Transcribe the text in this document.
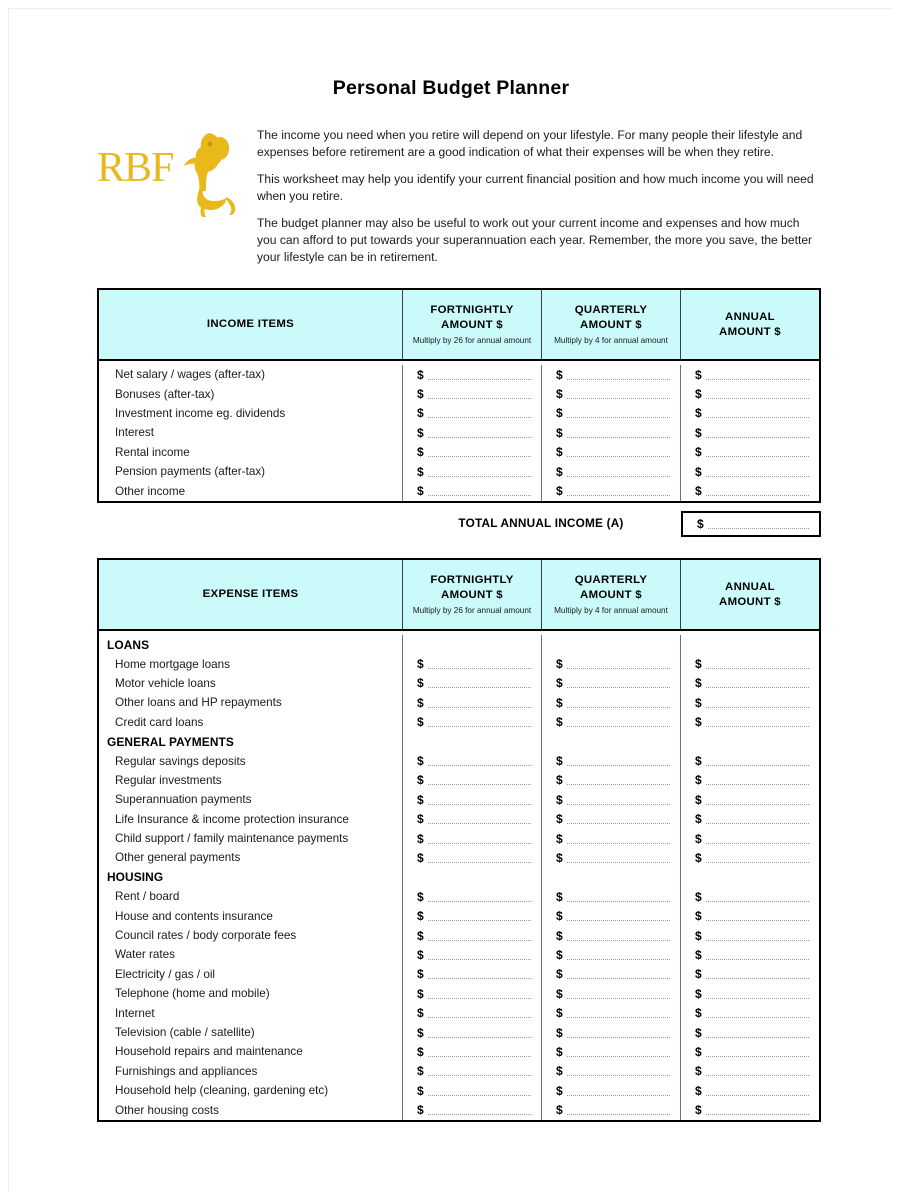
Personal Budget Planner
RBF

The income you need when you retire will depend on your lifestyle. For many people their lifestyle and expenses before retirement are a good indication of what their expenses will be when they retire.

This worksheet may help you identify your current financial position and how much income you will need when you retire.

The budget planner may also be useful to work out your current income and expenses and how much you can afford to put towards your superannuation each year. Remember, the more you save, the better your lifestyle can be in retirement.

INCOME ITEMS
FORTNIGHTLY
AMOUNT $
Multiply by 26 for annual amount
QUARTERLY
AMOUNT $
Multiply by 4 for annual amount
ANNUAL
AMOUNT $
Net salary / wages (after-tax)	$	$	$
Bonuses (after-tax)	$	$	$
Investment income eg. dividends	$	$	$
Interest	$	$	$
Rental income	$	$	$
Pension payments (after-tax)	$	$	$
Other income	$	$	$
TOTAL ANNUAL INCOME (A)	$
EXPENSE ITEMS
FORTNIGHTLY
AMOUNT $
Multiply by 26 for annual amount
QUARTERLY
AMOUNT $
Multiply by 4 for annual amount
ANNUAL
AMOUNT $
LOANS
Home mortgage loans	$	$	$
Motor vehicle loans	$	$	$
Other loans and HP repayments	$	$	$
Credit card loans	$	$	$
GENERAL PAYMENTS
Regular savings deposits	$	$	$
Regular investments	$	$	$
Superannuation payments	$	$	$
Life Insurance & income protection insurance	$	$	$
Child support / family maintenance payments	$	$	$
Other general payments	$	$	$
HOUSING
Rent / board	$	$	$
House and contents insurance	$	$	$
Council rates / body corporate fees	$	$	$
Water rates	$	$	$
Electricity / gas / oil	$	$	$
Telephone (home and mobile)	$	$	$
Internet	$	$	$
Television (cable / satellite)	$	$	$
Household repairs and maintenance	$	$	$
Furnishings and appliances	$	$	$
Household help (cleaning, gardening etc)	$	$	$
Other housing costs	$	$	$
